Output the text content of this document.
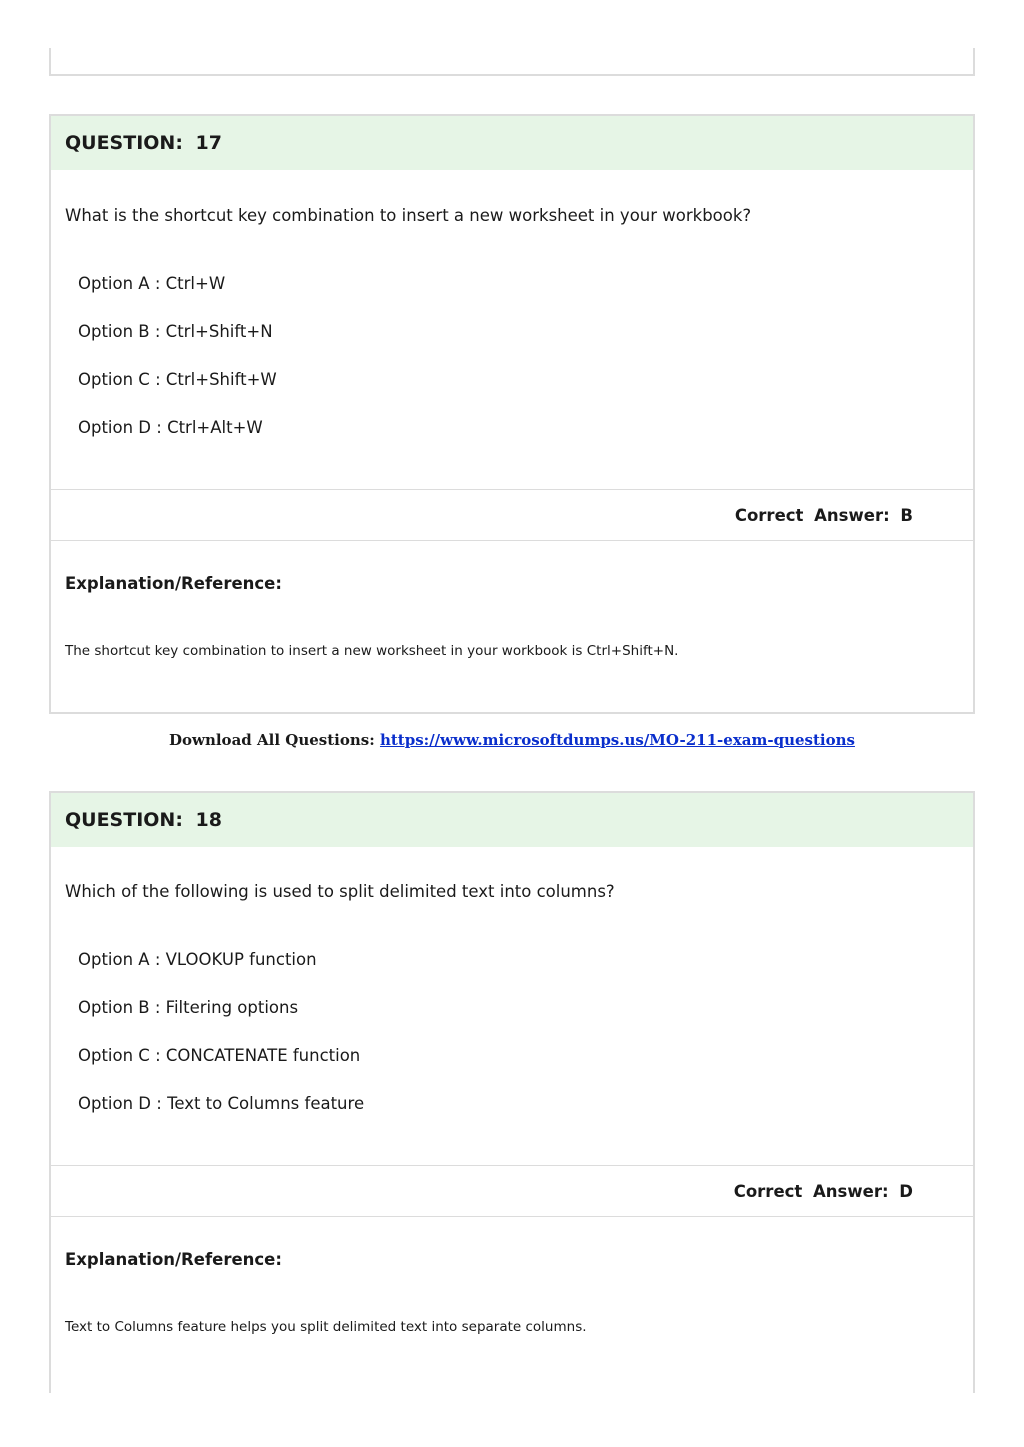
QUESTION: 17
What is the shortcut key combination to insert a new worksheet in your workbook?
Option A : Ctrl+W
Option B : Ctrl+Shift+N
Option C : Ctrl+Shift+W
Option D : Ctrl+Alt+W
Correct Answer: B
Explanation/Reference:
The shortcut key combination to insert a new worksheet in your workbook is Ctrl+Shift+N.
Download All Questions: https://www.microsoftdumps.us/MO-211-exam-questions
QUESTION: 18
Which of the following is used to split delimited text into columns?
Option A : VLOOKUP function
Option B : Filtering options
Option C : CONCATENATE function
Option D : Text to Columns feature
Correct Answer: D
Explanation/Reference:
Text to Columns feature helps you split delimited text into separate columns.
